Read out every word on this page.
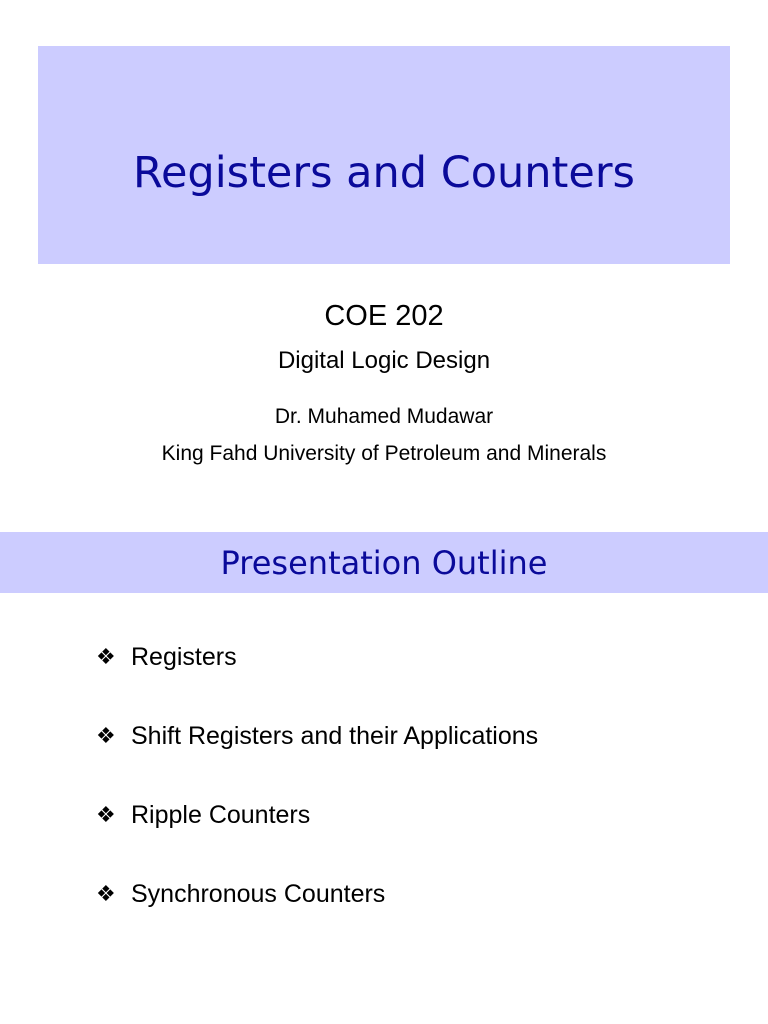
Registers and Counters
COE 202
Digital Logic Design
Dr. Muhamed Mudawar
King Fahd University of Petroleum and Minerals
Presentation Outline
❖ Registers
❖ Shift Registers and their Applications
❖ Ripple Counters
❖ Synchronous Counters
